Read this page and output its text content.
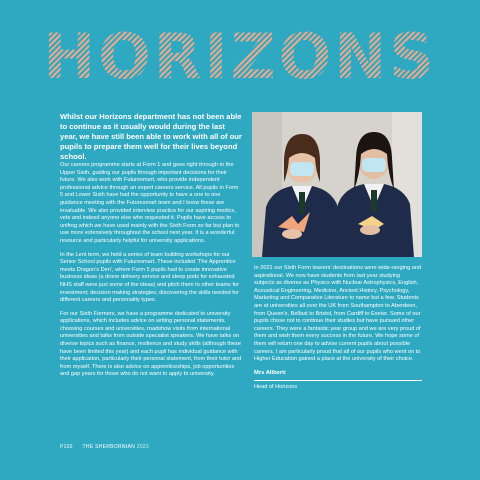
HORIZONS
Whilst our Horizons department has not been able to continue as it usually would during the last year, we have still been able to work with all of our pupils to prepare them well for their lives beyond school.

Our careers programme starts at Form 1 and goes right through to the Upper Sixth, guiding our pupils through important decisions for their future. We also work with Futuresmart, who provide independent professional advice through an expert careers service. All pupils in Form 5 and Lower Sixth have had the opportunity to have a one to one guidance meeting with the Futuresmart team and I know these are invaluable. We also provided interview practice for our aspiring medics, vets and indeed anyone else who requested it. Pupils have access to unifrog which we have used mainly with the Sixth Form so far but plan to use more extensively throughout the school next year. It is a wonderful resource and particularly helpful for university applications.

In the Lent term, we held a series of team building workshops for our Senior School pupils with Futuresmart. These included ‘The Apprentice meets Dragon’s Den’, where Form 5 pupils had to create innovative business ideas (a drone delivery service and sleep pods for exhausted NHS staff were just some of the ideas) and pitch them to other teams for investment; decision making strategies; discovering the skills needed for different careers and personality types.

For our Sixth Formers, we have a programme dedicated to university applications, which includes advice on writing personal statements, choosing courses and universities, roadshow visits from international universities and talks from outside specialist speakers. We have talks on diverse topics such as finance, resilience and study skills (although these have been limited this year) and each pupil has individual guidance with their application, particularly their personal statement, from their tutor and from myself. There is also advice on apprenticeships, job opportunities and gap years for those who do not want to apply to university.

In 2021 our Sixth Form leavers’ destinations were wide-ranging and aspirational. We now have students from last year studying subjects as diverse as Physics with Nuclear Astrophysics, English, Acoustical Engineering, Medicine, Ancient History, Psychology, Marketing and Comparative Literature to name but a few. Students are at universities all over the UK from Southampton to Aberdeen, from Queen’s, Belfast to Bristol, from Cardiff to Exeter. Some of our pupils chose not to continue their studies but have pursued other careers. They were a fantastic year group and we are very proud of them and wish them every success in the future. We hope some of them will return one day to advise current pupils about possible careers. I am particularly proud that all of our pupils who went on to Higher Education gained a place at the university of their choice.

Mrs Aliberti
Head of Horizons
P102 THE SHERBORNIAN 2022
